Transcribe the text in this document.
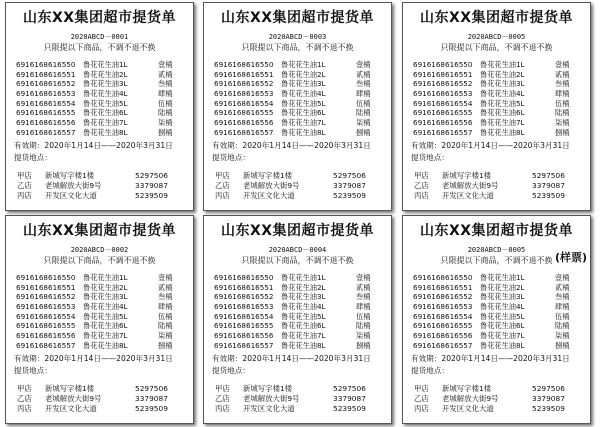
山东XX集团超市提货单
2020ABCD－0001
只限提以下商品，不调不退不换
6916168616550 鲁花花生油1L	壹桶
6916168616551 鲁花花生油2L	贰桶
6916168616552 鲁花花生油3L	叁桶
6916168616553 鲁花花生油4L	肆桶
6916168616554 鲁花花生油5L	伍桶
6916168616555 鲁花花生油6L	陆桶
6916168616556 鲁花花生油7L	柒桶
6916168616557 鲁花花生油8L	捌桶
有效期：2020年1月14日——2020年3月31日
提货地点：
甲店 新城写字楼1楼	5297506
乙店 老城解放大街9号	3379087
丙店 开发区文化大道	5239509
山东XX集团超市提货单
2020ABCD－0003
只限提以下商品，不调不退不换
6916168616550 鲁花花生油1L	壹桶
6916168616551 鲁花花生油2L	贰桶
6916168616552 鲁花花生油3L	叁桶
6916168616553 鲁花花生油4L	肆桶
6916168616554 鲁花花生油5L	伍桶
6916168616555 鲁花花生油6L	陆桶
6916168616556 鲁花花生油7L	柒桶
6916168616557 鲁花花生油8L	捌桶
有效期：2020年1月14日——2020年3月31日
提货地点：
甲店 新城写字楼1楼	5297506
乙店 老城解放大街9号	3379087
丙店 开发区文化大道	5239509
山东XX集团超市提货单
2020ABCD－0005
只限提以下商品，不调不退不换
6916168616550 鲁花花生油1L	壹桶
6916168616551 鲁花花生油2L	贰桶
6916168616552 鲁花花生油3L	叁桶
6916168616553 鲁花花生油4L	肆桶
6916168616554 鲁花花生油5L	伍桶
6916168616555 鲁花花生油6L	陆桶
6916168616556 鲁花花生油7L	柒桶
6916168616557 鲁花花生油8L	捌桶
有效期：2020年1月14日——2020年3月31日
提货地点：
甲店 新城写字楼1楼	5297506
乙店 老城解放大街9号	3379087
丙店 开发区文化大道	5239509
山东XX集团超市提货单
2020ABCD－0002
只限提以下商品，不调不退不换
6916168616550 鲁花花生油1L	壹桶
6916168616551 鲁花花生油2L	贰桶
6916168616552 鲁花花生油3L	叁桶
6916168616553 鲁花花生油4L	肆桶
6916168616554 鲁花花生油5L	伍桶
6916168616555 鲁花花生油6L	陆桶
6916168616556 鲁花花生油7L	柒桶
6916168616557 鲁花花生油8L	捌桶
有效期：2020年1月14日——2020年3月31日
提货地点：
甲店 新城写字楼1楼	5297506
乙店 老城解放大街9号	3379087
丙店 开发区文化大道	5239509
山东XX集团超市提货单
2020ABCD－0004
只限提以下商品，不调不退不换
6916168616550 鲁花花生油1L	壹桶
6916168616551 鲁花花生油2L	贰桶
6916168616552 鲁花花生油3L	叁桶
6916168616553 鲁花花生油4L	肆桶
6916168616554 鲁花花生油5L	伍桶
6916168616555 鲁花花生油6L	陆桶
6916168616556 鲁花花生油7L	柒桶
6916168616557 鲁花花生油8L	捌桶
有效期：2020年1月14日——2020年3月31日
提货地点：
甲店 新城写字楼1楼	5297506
乙店 老城解放大街9号	3379087
丙店 开发区文化大道	5239509
山东XX集团超市提货单
2020ABCD－0005
只限提以下商品，不调不退不换
6916168616550 鲁花花生油1L	壹桶
6916168616551 鲁花花生油2L	贰桶
6916168616552 鲁花花生油3L	叁桶
6916168616553 鲁花花生油4L	肆桶
6916168616554 鲁花花生油5L	伍桶
6916168616555 鲁花花生油6L	陆桶
6916168616556 鲁花花生油7L	柒桶
6916168616557 鲁花花生油8L	捌桶
有效期：2020年1月14日——2020年3月31日
提货地点：
甲店 新城写字楼1楼	5297506
乙店 老城解放大街9号	3379087
丙店 开发区文化大道	5239509
(样票)
